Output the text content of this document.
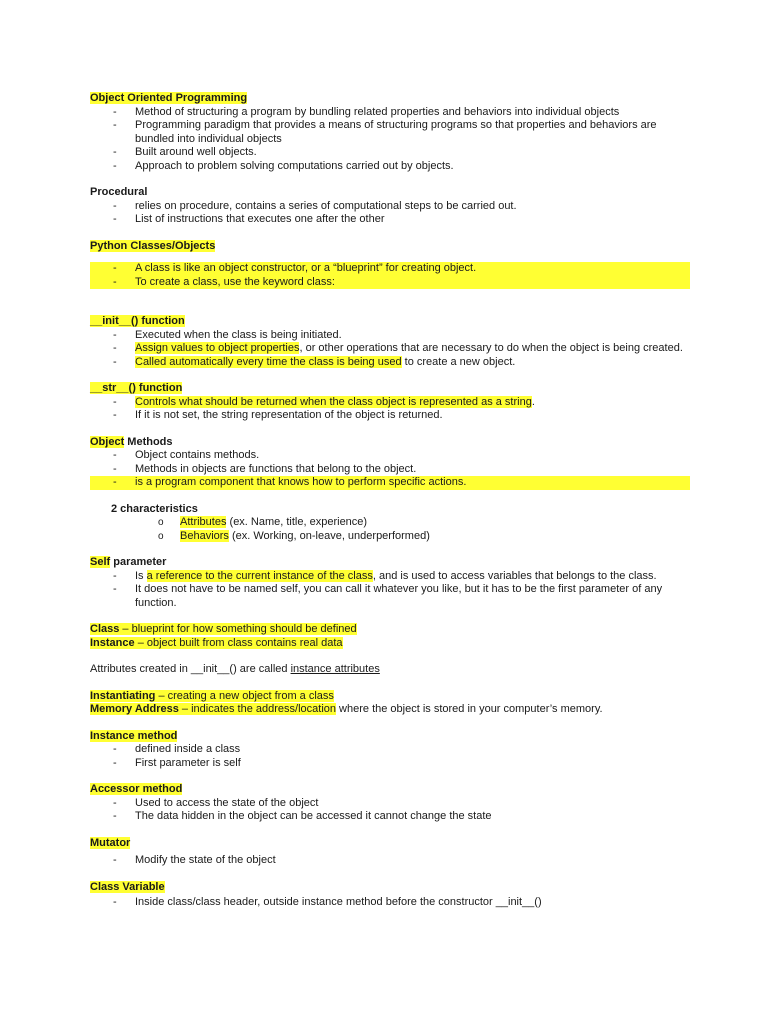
Object Oriented Programming
- Method of structuring a program by bundling related properties and behaviors into individual objects
- Programming paradigm that provides a means of structuring programs so that properties and behaviors are bundled into individual objects
- Built around well objects.
- Approach to problem solving computations carried out by objects.
Procedural
- relies on procedure, contains a series of computational steps to be carried out.
- List of instructions that executes one after the other
Python Classes/Objects
- A class is like an object constructor, or a “blueprint” for creating object.
- To create a class, use the keyword class:
__init__() function
- Executed when the class is being initiated.
- Assign values to object properties, or other operations that are necessary to do when the object is being created.
- Called automatically every time the class is being used to create a new object.
__str__() function
- Controls what should be returned when the class object is represented as a string.
- If it is not set, the string representation of the object is returned.
Object Methods
- Object contains methods.
- Methods in objects are functions that belong to the object.
- is a program component that knows how to perform specific actions.
2 characteristics
o Attributes (ex. Name, title, experience)
o Behaviors (ex. Working, on-leave, underperformed)
Self parameter
- Is a reference to the current instance of the class, and is used to access variables that belongs to the class.
- It does not have to be named self, you can call it whatever you like, but it has to be the first parameter of any function.
Class – blueprint for how something should be defined
Instance – object built from class contains real data
Attributes created in __init__() are called instance attributes
Instantiating – creating a new object from a class
Memory Address – indicates the address/location where the object is stored in your computer’s memory.
Instance method
- defined inside a class
- First parameter is self
Accessor method
- Used to access the state of the object
- The data hidden in the object can be accessed it cannot change the state
Mutator
- Modify the state of the object
Class Variable
- Inside class/class header, outside instance method before the constructor __init__()
